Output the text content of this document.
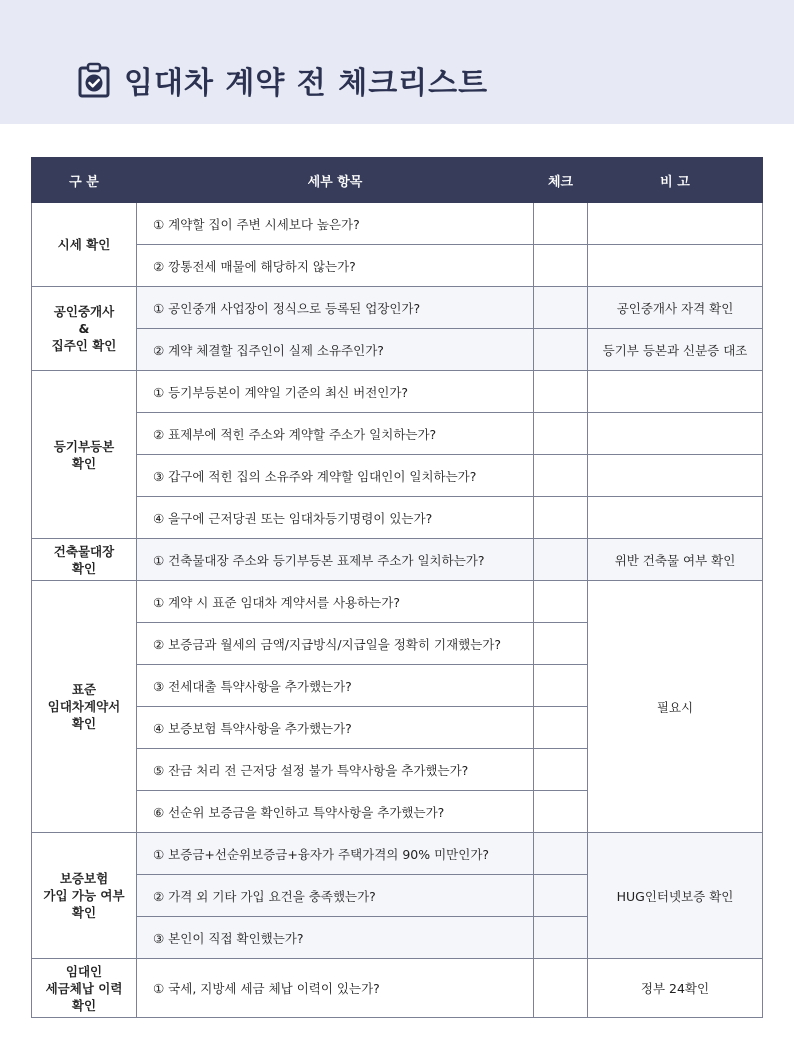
임대차 계약 전 체크리스트
구 분	세부 항목	체크	비 고
시세 확인	① 계약할 집이 주변 시세보다 높은가?		
	② 깡통전세 매물에 해당하지 않는가?		

공인중개사
&
집주인 확인	① 공인중개 사업장이 정식으로 등록된 업장인가?		공인중개사 자격 확인
	② 계약 체결할 집주인이 실제 소유주인가?		등기부 등본과 신분증 대조

등기부등본
확인	① 등기부등본이 계약일 기준의 최신 버전인가?		
	② 표제부에 적힌 주소와 계약할 주소가 일치하는가?		
	③ 갑구에 적힌 집의 소유주와 계약할 임대인이 일치하는가?		
	④ 을구에 근저당권 또는 임대차등기명령이 있는가?		

건축물대장
확인	① 건축물대장 주소와 등기부등본 표제부 주소가 일치하는가?		위반 건축물 여부 확인

표준
임대차계약서
확인	① 계약 시 표준 임대차 계약서를 사용하는가?		필요시
	② 보증금과 월세의 금액/지급방식/지급일을 정확히 기재했는가?		
	③ 전세대출 특약사항을 추가했는가?		
	④ 보증보험 특약사항을 추가했는가?		
	⑤ 잔금 처리 전 근저당 설정 불가 특약사항을 추가했는가?		
	⑥ 선순위 보증금을 확인하고 특약사항을 추가했는가?		

보증보험
가입 가능 여부
확인	① 보증금+선순위보증금+융자가 주택가격의 90% 미만인가?		HUG인터넷보증 확인
	② 가격 외 기타 가입 요건을 충족했는가?		
	③ 본인이 직접 확인했는가?		

임대인
세금체납 이력
확인	① 국세, 지방세 세금 체납 이력이 있는가?		정부 24확인
